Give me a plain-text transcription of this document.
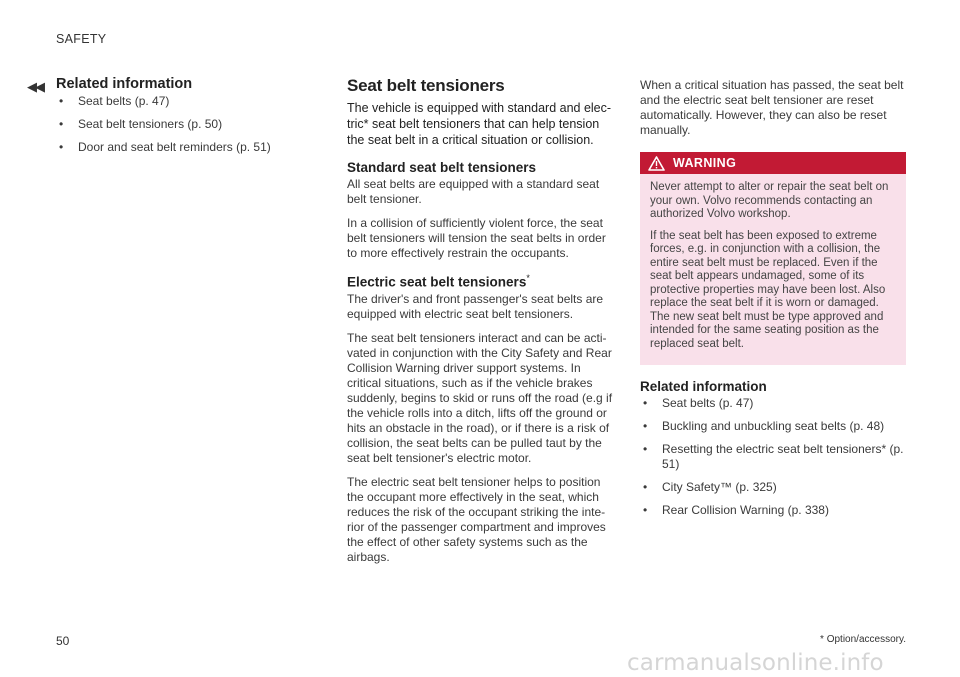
SAFETY
◀◀ Related information
• Seat belts (p. 47)
• Seat belt tensioners (p. 50)
• Door and seat belt reminders (p. 51)
Seat belt tensioners

The vehicle is equipped with standard and elec-tric* seat belt tensioners that can help tension the seat belt in a critical situation or collision.

Standard seat belt tensioners

All seat belts are equipped with a standard seat belt tensioner.

In a collision of sufficiently violent force, the seat belt tensioners will tension the seat belts in order to more effectively restrain the occupants.

Electric seat belt tensioners*

The driver's and front passenger's seat belts are equipped with electric seat belt tensioners.

The seat belt tensioners interact and can be acti-vated in conjunction with the City Safety and Rear Collision Warning driver support systems. In critical situations, such as if the vehicle brakes suddenly, begins to skid or runs off the road (e.g if the vehicle rolls into a ditch, lifts off the ground or hits an obstacle in the road), or if there is a risk of collision, the seat belts can be pulled taut by the seat belt tensioner's electric motor.

The electric seat belt tensioner helps to position the occupant more effectively in the seat, which reduces the risk of the occupant striking the inte-rior of the passenger compartment and improves the effect of other safety systems such as the airbags.

When a critical situation has passed, the seat belt and the electric seat belt tensioner are reset automatically. However, they can also be reset manually.

WARNING

Never attempt to alter or repair the seat belt on your own. Volvo recommends contacting an authorized Volvo workshop.

If the seat belt has been exposed to extreme forces, e.g. in conjunction with a collision, the entire seat belt must be replaced. Even if the seat belt appears undamaged, some of its protective properties may have been lost. Also replace the seat belt if it is worn or damaged. The new seat belt must be type approved and intended for the same seating position as the replaced seat belt.

Related information
• Seat belts (p. 47)
• Buckling and unbuckling seat belts (p. 48)
• Resetting the electric seat belt tensioners* (p. 51)
• City Safety™ (p. 325)
• Rear Collision Warning (p. 338)
50	* Option/accessory.
carmanualsonline.info
